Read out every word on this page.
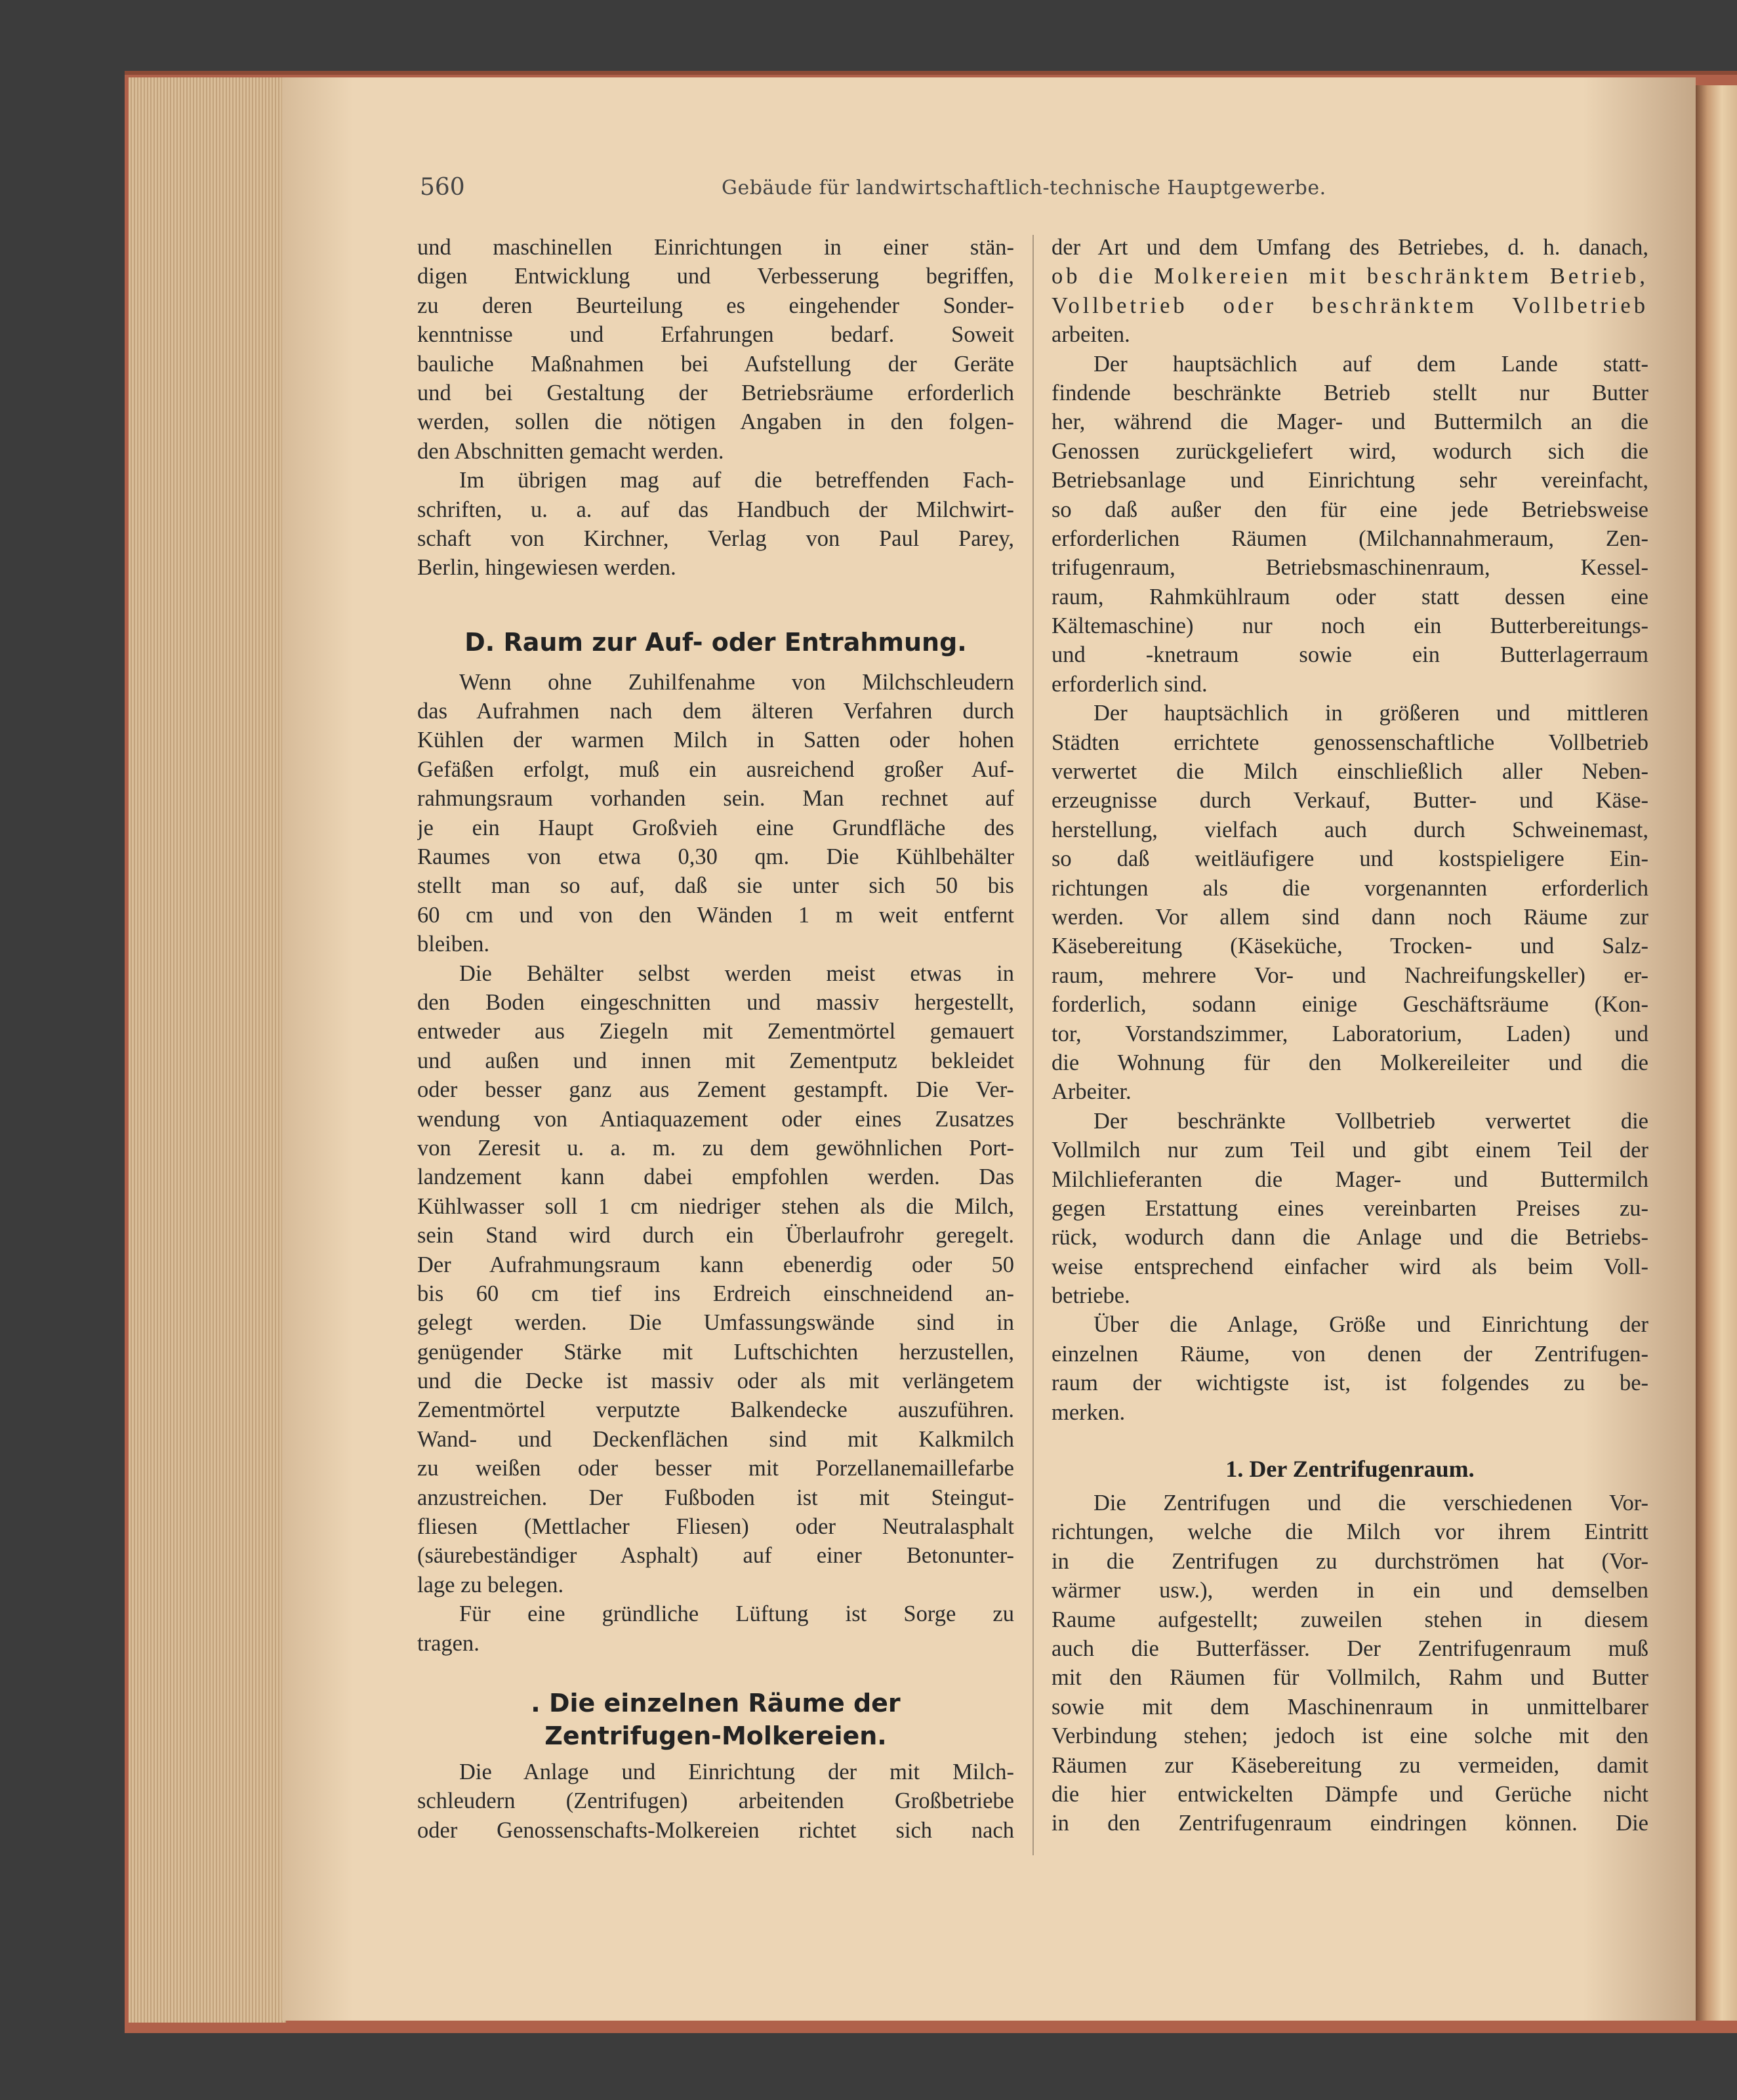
560	Gebäude für landwirtschaftlich-technische Hauptgewerbe.
und maschinellen Einrichtungen in einer stän-
digen Entwicklung und Verbesserung begriffen,
zu deren Beurteilung es eingehender Sonder-
kenntnisse und Erfahrungen bedarf. Soweit
bauliche Maßnahmen bei Aufstellung der Geräte
und bei Gestaltung der Betriebsräume erforderlich
werden, sollen die nötigen Angaben in den folgen-
den Abschnitten gemacht werden.
Im übrigen mag auf die betreffenden Fach-
schriften, u. a. auf das Handbuch der Milchwirt-
schaft von Kirchner, Verlag von Paul Parey,
Berlin, hingewiesen werden.
D. Raum zur Auf- oder Entrahmung.
Wenn ohne Zuhilfenahme von Milchschleudern
das Aufrahmen nach dem älteren Verfahren durch
Kühlen der warmen Milch in Satten oder hohen
Gefäßen erfolgt, muß ein ausreichend großer Auf-
rahmungsraum vorhanden sein. Man rechnet auf
je ein Haupt Großvieh eine Grundfläche des
Raumes von etwa 0,30 qm. Die Kühlbehälter
stellt man so auf, daß sie unter sich 50 bis
60 cm und von den Wänden 1 m weit entfernt
bleiben.
Die Behälter selbst werden meist etwas in
den Boden eingeschnitten und massiv hergestellt,
entweder aus Ziegeln mit Zementmörtel gemauert
und außen und innen mit Zementputz bekleidet
oder besser ganz aus Zement gestampft. Die Ver-
wendung von Antiaquazement oder eines Zusatzes
von Zeresit u. a. m. zu dem gewöhnlichen Port-
landzement kann dabei empfohlen werden. Das
Kühlwasser soll 1 cm niedriger stehen als die Milch,
sein Stand wird durch ein Überlaufrohr geregelt.
Der Aufrahmungsraum kann ebenerdig oder 50
bis 60 cm tief ins Erdreich einschneidend an-
gelegt werden. Die Umfassungswände sind in
genügender Stärke mit Luftschichten herzustellen,
und die Decke ist massiv oder als mit verlängetem
Zementmörtel verputzte Balkendecke auszuführen.
Wand- und Deckenflächen sind mit Kalkmilch
zu weißen oder besser mit Porzellanemaillefarbe
anzustreichen. Der Fußboden ist mit Steingut-
fliesen (Mettlacher Fliesen) oder Neutralasphalt
(säurebeständiger Asphalt) auf einer Betonunter-
lage zu belegen.
Für eine gründliche Lüftung ist Sorge zu
tragen.
. Die einzelnen Räume der
Zentrifugen-Molkereien.
Die Anlage und Einrichtung der mit Milch-
schleudern (Zentrifugen) arbeitenden Großbetriebe
oder Genossenschafts-Molkereien richtet sich nach
der Art und dem Umfang des Betriebes, d. h. danach,
ob die Molkereien mit beschränktem Betrieb,
Vollbetrieb oder beschränktem Vollbetrieb
arbeiten.
Der hauptsächlich auf dem Lande statt-
findende beschränkte Betrieb stellt nur Butter
her, während die Mager- und Buttermilch an die
Genossen zurückgeliefert wird, wodurch sich die
Betriebsanlage und Einrichtung sehr vereinfacht,
so daß außer den für eine jede Betriebsweise
erforderlichen Räumen (Milchannahmeraum, Zen-
trifugenraum, Betriebsmaschinenraum, Kessel-
raum, Rahmkühlraum oder statt dessen eine
Kältemaschine) nur noch ein Butterbereitungs-
und -knetraum sowie ein Butterlagerraum
erforderlich sind.
Der hauptsächlich in größeren und mittleren
Städten errichtete genossenschaftliche Vollbetrieb
verwertet die Milch einschließlich aller Neben-
erzeugnisse durch Verkauf, Butter- und Käse-
herstellung, vielfach auch durch Schweinemast,
so daß weitläufigere und kostspieligere Ein-
richtungen als die vorgenannten erforderlich
werden. Vor allem sind dann noch Räume zur
Käsebereitung (Käseküche, Trocken- und Salz-
raum, mehrere Vor- und Nachreifungskeller) er-
forderlich, sodann einige Geschäftsräume (Kon-
tor, Vorstandszimmer, Laboratorium, Laden) und
die Wohnung für den Molkereileiter und die
Arbeiter.
Der beschränkte Vollbetrieb verwertet die
Vollmilch nur zum Teil und gibt einem Teil der
Milchlieferanten die Mager- und Buttermilch
gegen Erstattung eines vereinbarten Preises zu-
rück, wodurch dann die Anlage und die Betriebs-
weise entsprechend einfacher wird als beim Voll-
betriebe.
Über die Anlage, Größe und Einrichtung der
einzelnen Räume, von denen der Zentrifugen-
raum der wichtigste ist, ist folgendes zu be-
merken.
1. Der Zentrifugenraum.
Die Zentrifugen und die verschiedenen Vor-
richtungen, welche die Milch vor ihrem Eintritt
in die Zentrifugen zu durchströmen hat (Vor-
wärmer usw.), werden in ein und demselben
Raume aufgestellt; zuweilen stehen in diesem
auch die Butterfässer. Der Zentrifugenraum muß
mit den Räumen für Vollmilch, Rahm und Butter
sowie mit dem Maschinenraum in unmittelbarer
Verbindung stehen; jedoch ist eine solche mit den
Räumen zur Käsebereitung zu vermeiden, damit
die hier entwickelten Dämpfe und Gerüche nicht
in den Zentrifugenraum eindringen können. Die
